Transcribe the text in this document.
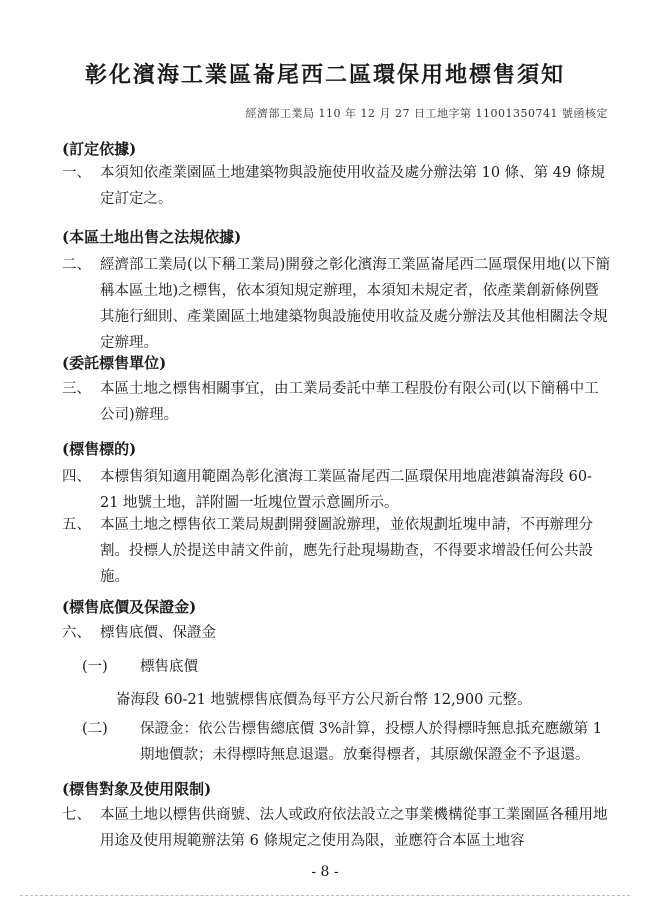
彰化濱海工業區崙尾西二區環保用地標售須知
經濟部工業局 110 年 12 月 27 日工地字第 11001350741 號函核定
(訂定依據)
一、 本須知依產業園區土地建築物與設施使用收益及處分辦法第 10 條、第 49 條規定訂定之。
(本區土地出售之法規依據)
二、 經濟部工業局(以下稱工業局)開發之彰化濱海工業區崙尾西二區環保用地(以下簡稱本區土地)之標售，依本須知規定辦理，本須知未規定者，依產業創新條例暨其施行細則、產業園區土地建築物與設施使用收益及處分辦法及其他相關法令規定辦理。
(委託標售單位)
三、 本區土地之標售相關事宜，由工業局委託中華工程股份有限公司(以下簡稱中工公司)辦理。
(標售標的)
四、 本標售須知適用範圍為彰化濱海工業區崙尾西二區環保用地鹿港鎮崙海段 60-21 地號土地，詳附圖一坵塊位置示意圖所示。
五、 本區土地之標售依工業局規劃開發圖說辦理，並依規劃坵塊申請，不再辦理分割。投標人於提送申請文件前，應先行赴現場勘查，不得要求增設任何公共設施。
(標售底價及保證金)
六、 標售底價、保證金
(一) 標售底價
崙海段 60-21 地號標售底價為每平方公尺新台幣 12,900 元整。
(二) 保證金：依公告標售總底價 3%計算，投標人於得標時無息抵充應繳第 1 期地價款；未得標時無息退還。放棄得標者，其原繳保證金不予退還。
(標售對象及使用限制)
七、 本區土地以標售供商號、法人或政府依法設立之事業機構從事工業園區各種用地用途及使用規範辦法第 6 條規定之使用為限，並應符合本區土地容
- 8 -
